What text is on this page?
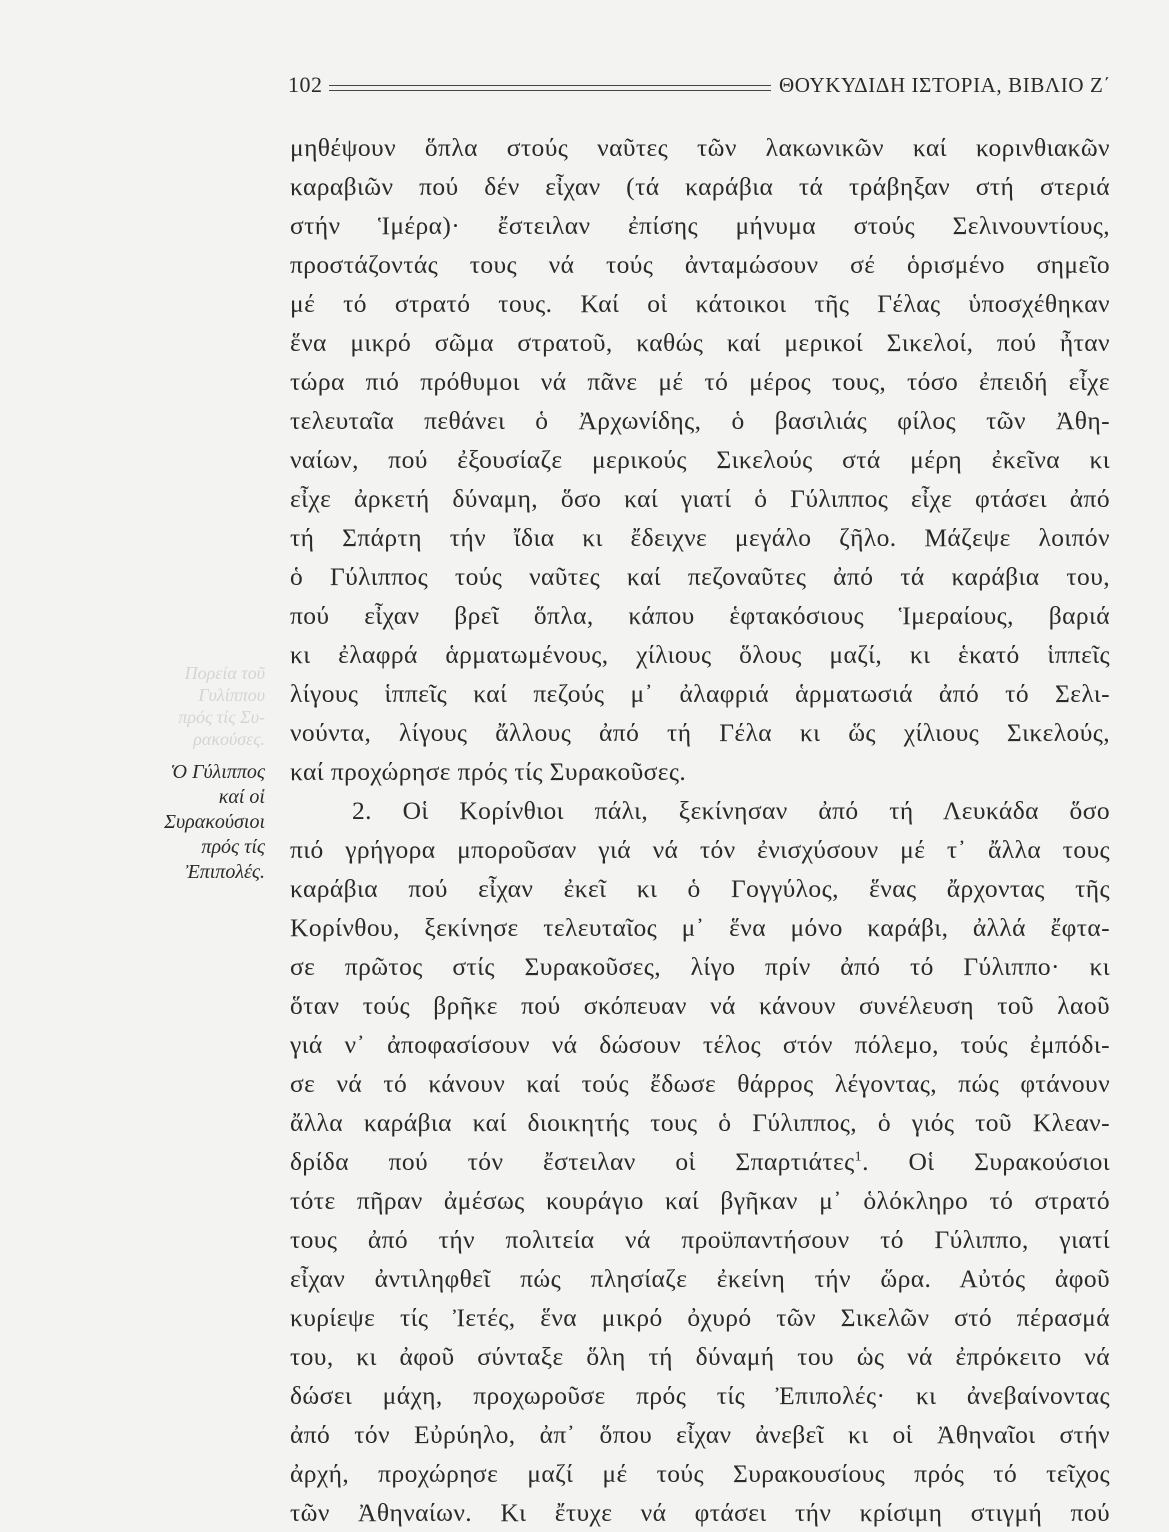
102	ΘΟΥΚΥΔΙΔΗ ΙΣΤΟΡΙΑ, ΒΙΒΛΙΟ Ζ΄

Πορεία τοῦ
Γυλίππου
πρός τίς Συ-
ρακούσες.

Ὁ Γύλιππος
καί οἱ
Συρακούσιοι
πρός τίς
Ἐπιπολές.

μηθέψουν ὅπλα στούς ναῦτες τῶν λακωνικῶν καί κορινθιακῶν
καραβιῶν πού δέν εἶχαν (τά καράβια τά τράβηξαν στή στεριά
στήν Ἱμέρα)· ἔστειλαν ἐπίσης μήνυμα στούς Σελινουντίους,
προστάζοντάς τους νά τούς ἀνταμώσουν σέ ὁρισμένο σημεῖο
μέ τό στρατό τους. Καί οἱ κάτοικοι τῆς Γέλας ὑποσχέθηκαν
ἕνα μικρό σῶμα στρατοῦ, καθώς καί μερικοί Σικελοί, πού ἦταν
τώρα πιό πρόθυμοι νά πᾶνε μέ τό μέρος τους, τόσο ἐπειδή εἶχε
τελευταῖα πεθάνει ὁ Ἀρχωνίδης, ὁ βασιλιάς φίλος τῶν Ἀθη-
ναίων, πού ἐξουσίαζε μερικούς Σικελούς στά μέρη ἐκεῖνα κι
εἶχε ἀρκετή δύναμη, ὅσο καί γιατί ὁ Γύλιππος εἶχε φτάσει ἀπό
τή Σπάρτη τήν ἴδια κι ἔδειχνε μεγάλο ζῆλο. Μάζεψε λοιπόν
ὁ Γύλιππος τούς ναῦτες καί πεζοναῦτες ἀπό τά καράβια του,
πού εἶχαν βρεῖ ὅπλα, κάπου ἑφτακόσιους Ἱμεραίους, βαριά
κι ἐλαφρά ἁρματωμένους, χίλιους ὅλους μαζί, κι ἑκατό ἱππεῖς
λίγους ἱππεῖς καί πεζούς μ᾽ ἀλαφριά ἁρματωσιά ἀπό τό Σελι-
νούντα, λίγους ἄλλους ἀπό τή Γέλα κι ὥς χίλιους Σικελούς,
καί προχώρησε πρός τίς Συρακοῦσες.
2. Οἱ Κορίνθιοι πάλι, ξεκίνησαν ἀπό τή Λευκάδα ὅσο
πιό γρήγορα μποροῦσαν γιά νά τόν ἐνισχύσουν μέ τ᾽ ἄλλα τους
καράβια πού εἶχαν ἐκεῖ κι ὁ Γογγύλος, ἕνας ἄρχοντας τῆς
Κορίνθου, ξεκίνησε τελευταῖος μ᾽ ἕνα μόνο καράβι, ἀλλά ἔφτα-
σε πρῶτος στίς Συρακοῦσες, λίγο πρίν ἀπό τό Γύλιππο· κι
ὅταν τούς βρῆκε πού σκόπευαν νά κάνουν συνέλευση τοῦ λαοῦ
γιά ν᾽ ἀποφασίσουν νά δώσουν τέλος στόν πόλεμο, τούς ἐμπόδι-
σε νά τό κάνουν καί τούς ἔδωσε θάρρος λέγοντας, πώς φτάνουν
ἄλλα καράβια καί διοικητής τους ὁ Γύλιππος, ὁ γιός τοῦ Κλεαν-
δρίδα πού τόν ἔστειλαν οἱ Σπαρτιάτες$^1$. Οἱ Συρακούσιοι
τότε πῆραν ἀμέσως κουράγιο καί βγῆκαν μ᾽ ὁλόκληρο τό στρατό
τους ἀπό τήν πολιτεία νά προϋπαντήσουν τό Γύλιππο, γιατί
εἶχαν ἀντιληφθεῖ πώς πλησίαζε ἐκείνη τήν ὥρα. Αὐτός ἀφοῦ
κυρίεψε τίς Ἰετές, ἕνα μικρό ὀχυρό τῶν Σικελῶν στό πέρασμά
του, κι ἀφοῦ σύνταξε ὅλη τή δύναμή του ὡς νά ἐπρόκειτο νά
δώσει μάχη, προχωροῦσε πρός τίς Ἐπιπολές· κι ἀνεβαίνοντας
ἀπό τόν Εὐρύηλο, ἀπ᾽ ὅπου εἶχαν ἀνεβεῖ κι οἱ Ἀθηναῖοι στήν
ἀρχή, προχώρησε μαζί μέ τούς Συρακουσίους πρός τό τεῖχος
τῶν Ἀθηναίων. Κι ἔτυχε νά φτάσει τήν κρίσιμη στιγμή πού
